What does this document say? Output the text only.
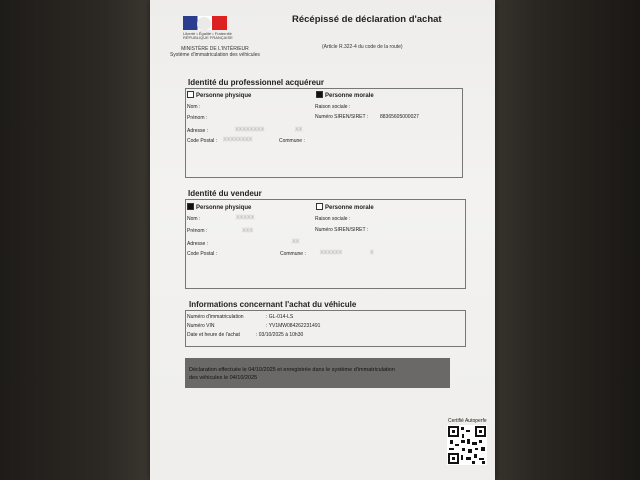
Liberté • Égalité • Fraternité
RÉPUBLIQUE FRANÇAISE
MINISTÈRE DE L'INTÉRIEUR
Système d'immatriculation des véhicules
Récépissé de déclaration d'achat
(Article R.322-4 du code de la route)
Identité du professionnel acquéreur
Personne physique	Personne morale
Nom :
Prénom :
Adresse :	XXXXXXXX	XX
Code Postal : XXXXXXXX	Commune :
Raison sociale :
Numéro SIREN/SIRET : 88365605000027
Identité du vendeur
Personne physique	Personne morale
Nom :	XXXXX
Prénom :	XXX
Adresse :	XX
Code Postal :	Commune :	XXXXXX	X
Raison sociale :
Numéro SIREN/SIRET :
Informations concernant l'achat du véhicule
Numéro d'immatriculation	: GL-014-LS
Numéro VIN	: YV1MW084262231491
Date et heure de l'achat	: 03/10/2025 à 10h30
Déclaration effectuée le 04/10/2025 et enregistrée dans le système d'immatriculation
des véhicules le 04/10/2025
Certifié Autoperfe
